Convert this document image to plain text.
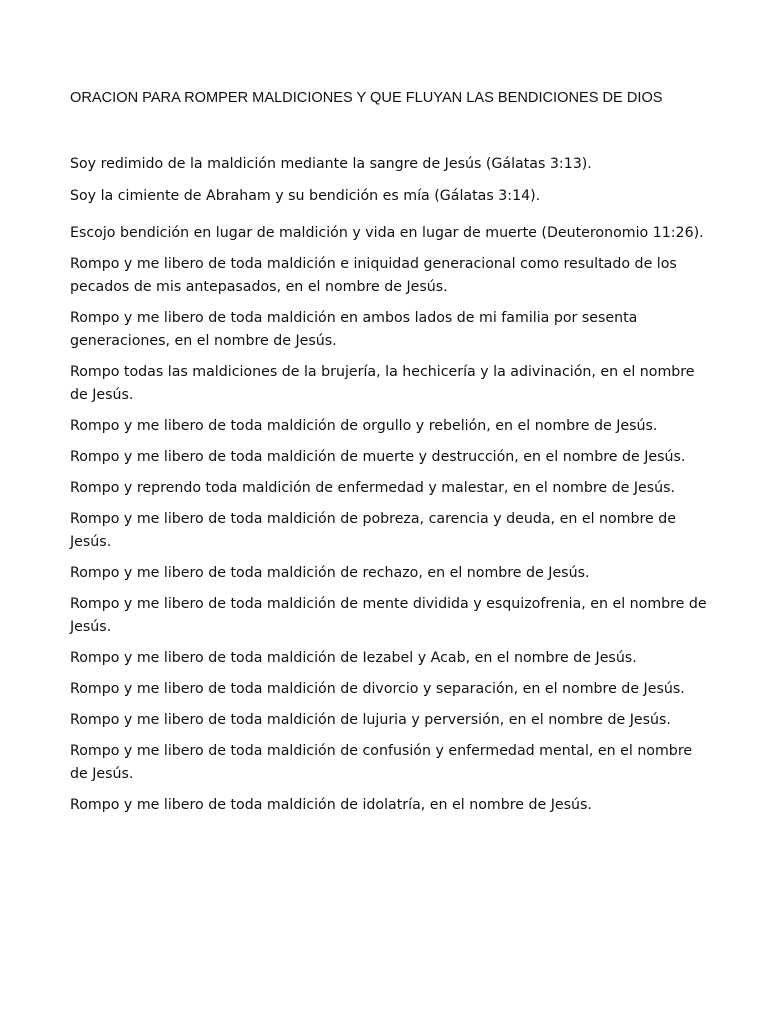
ORACION PARA ROMPER MALDICIONES Y QUE FLUYAN LAS BENDICIONES DE DIOS

Soy redimido de la maldición mediante la sangre de Jesús (Gálatas 3:13).

Soy la cimiente de Abraham y su bendición es mía (Gálatas 3:14).

Escojo bendición en lugar de maldición y vida en lugar de muerte (Deuteronomio 11:26).

Rompo y me libero de toda maldición e iniquidad generacional como resultado de los pecados de mis antepasados, en el nombre de Jesús.

Rompo y me libero de toda maldición en ambos lados de mi familia por sesenta generaciones, en el nombre de Jesús.

Rompo todas las maldiciones de la brujería, la hechicería y la adivinación, en el nombre de Jesús.

Rompo y me libero de toda maldición de orgullo y rebelión, en el nombre de Jesús.

Rompo y me libero de toda maldición de muerte y destrucción, en el nombre de Jesús.

Rompo y reprendo toda maldición de enfermedad y malestar, en el nombre de Jesús.

Rompo y me libero de toda maldición de pobreza, carencia y deuda, en el nombre de Jesús.

Rompo y me libero de toda maldición de rechazo, en el nombre de Jesús.

Rompo y me libero de toda maldición de mente dividida y esquizofrenia, en el nombre de Jesús.

Rompo y me libero de toda maldición de Iezabel y Acab, en el nombre de Jesús.

Rompo y me libero de toda maldición de divorcio y separación, en el nombre de Jesús.

Rompo y me libero de toda maldición de lujuria y perversión, en el nombre de Jesús.

Rompo y me libero de toda maldición de confusión y enfermedad mental, en el nombre de Jesús.

Rompo y me libero de toda maldición de idolatría, en el nombre de Jesús.
